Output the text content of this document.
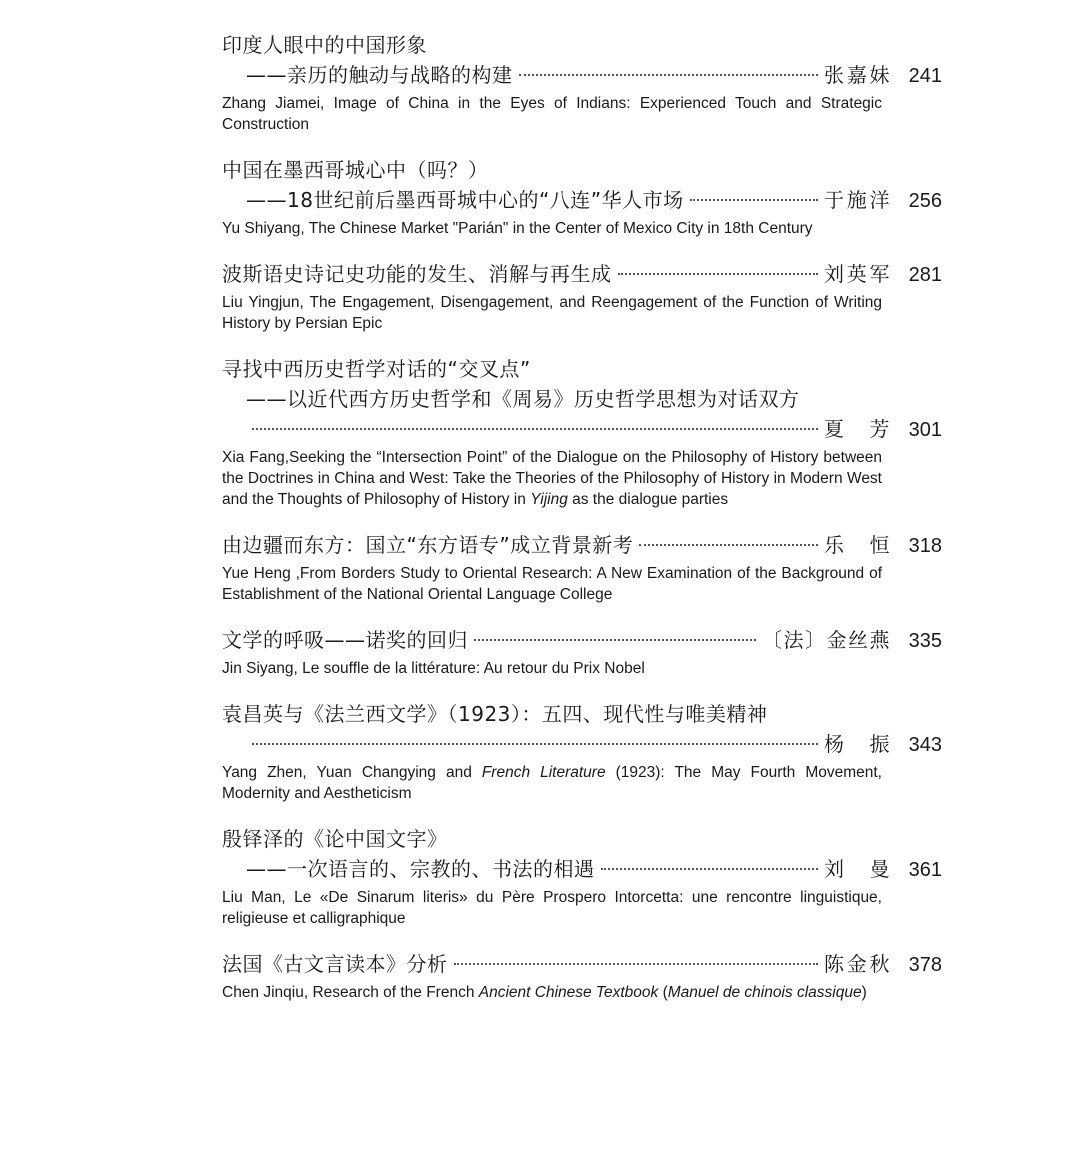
印度人眼中的中国形象
——亲历的触动与战略的构建	张嘉妹 241
Zhang Jiamei, Image of China in the Eyes of Indians: Experienced Touch and Strategic Construction
中国在墨西哥城心中（吗？）
——18世纪前后墨西哥城中心的“八连”华人市场	于施洋 256
Yu Shiyang, The Chinese Market "Parián" in the Center of Mexico City in 18th Century
波斯语史诗记史功能的发生、消解与再生成	刘英军 281
Liu Yingjun, The Engagement, Disengagement, and Reengagement of the Function of Writing History by Persian Epic
寻找中西历史哲学对话的“交叉点”
——以近代西方历史哲学和《周易》历史哲学思想为对话双方
夏芳 301
Xia Fang,Seeking the “Intersection Point” of the Dialogue on the Philosophy of History between the Doctrines in China and West: Take the Theories of the Philosophy of History in Modern West and the Thoughts of Philosophy of History in Yijing as the dialogue parties
由边疆而东方：国立“东方语专”成立背景新考	乐恒 318
Yue Heng ,From Borders Study to Oriental Research: A New Examination of the Background of Establishment of the National Oriental Language College
文学的呼吸——诺奖的回归	〔法〕金丝燕 335
Jin Siyang, Le souffle de la littérature: Au retour du Prix Nobel
袁昌英与《法兰西文学》（1923）：五四、现代性与唯美精神
杨振 343
Yang Zhen, Yuan Changying and French Literature (1923): The May Fourth Movement, Modernity and Aestheticism
殷铎泽的《论中国文字》
——一次语言的、宗教的、书法的相遇	刘曼 361
Liu Man, Le «De Sinarum literis» du Père Prospero Intorcetta: une rencontre linguistique, religieuse et calligraphique
法国《古文言读本》分析	陈金秋 378
Chen Jinqiu, Research of the French Ancient Chinese Textbook (Manuel de chinois classique)
